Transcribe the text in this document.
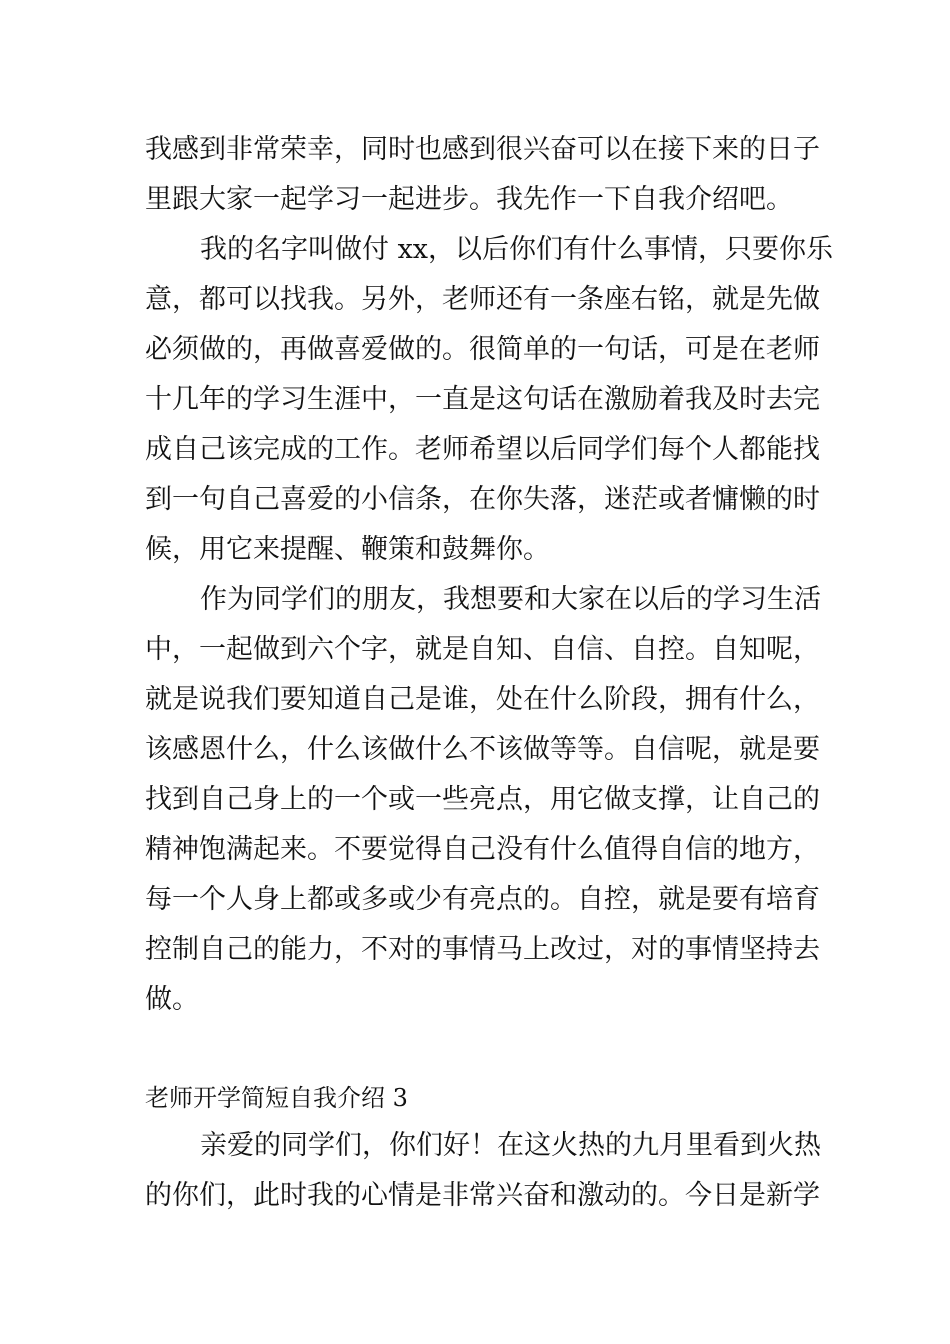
我感到非常荣幸，同时也感到很兴奋可以在接下来的日子
里跟大家一起学习一起进步。我先作一下自我介绍吧。
我的名字叫做付 xx，以后你们有什么事情，只要你乐
意，都可以找我。另外，老师还有一条座右铭，就是先做
必须做的，再做喜爱做的。很简单的一句话，可是在老师
十几年的学习生涯中，一直是这句话在激励着我及时去完
成自己该完成的工作。老师希望以后同学们每个人都能找
到一句自己喜爱的小信条，在你失落，迷茫或者慵懒的时
候，用它来提醒、鞭策和鼓舞你。
作为同学们的朋友，我想要和大家在以后的学习生活
中，一起做到六个字，就是自知、自信、自控。自知呢，
就是说我们要知道自己是谁，处在什么阶段，拥有什么，
该感恩什么，什么该做什么不该做等等。自信呢，就是要
找到自己身上的一个或一些亮点，用它做支撑，让自己的
精神饱满起来。不要觉得自己没有什么值得自信的地方，
每一个人身上都或多或少有亮点的。自控，就是要有培育
控制自己的能力，不对的事情马上改过，对的事情坚持去
做。
老师开学简短自我介绍 3
亲爱的同学们，你们好！在这火热的九月里看到火热
的你们，此时我的心情是非常兴奋和激动的。今日是新学
